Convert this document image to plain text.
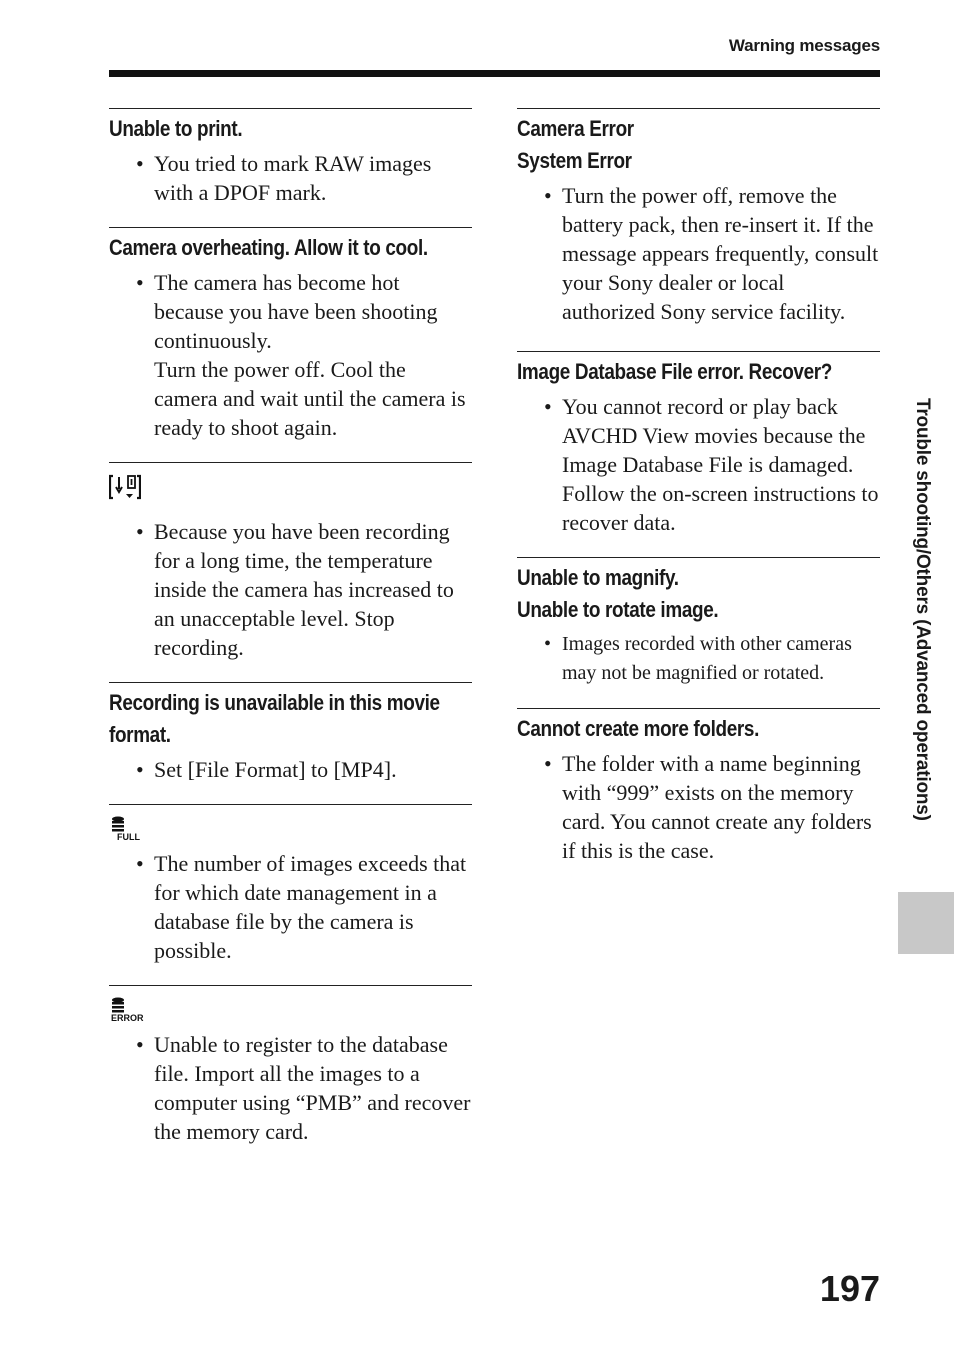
Warning messages
Unable to print.
• You tried to mark RAW images with a DPOF mark.
Camera overheating. Allow it to cool.
• The camera has become hot because you have been shooting continuously.
Turn the power off. Cool the camera and wait until the camera is ready to shoot again.
• Because you have been recording for a long time, the temperature inside the camera has increased to an unacceptable level. Stop recording.
Recording is unavailable in this movie format.
• Set [File Format] to [MP4].
FULL
• The number of images exceeds that for which date management in a database file by the camera is possible.
ERROR
• Unable to register to the database file. Import all the images to a computer using “PMB” and recover the memory card.
Camera Error
System Error
• Turn the power off, remove the battery pack, then re-insert it. If the message appears frequently, consult your Sony dealer or local authorized Sony service facility.
Image Database File error. Recover?
• You cannot record or play back AVCHD View movies because the Image Database File is damaged. Follow the on-screen instructions to recover data.
Unable to magnify.
Unable to rotate image.
• Images recorded with other cameras may not be magnified or rotated.
Cannot create more folders.
• The folder with a name beginning with “999” exists on the memory card. You cannot create any folders if this is the case.
Trouble shooting/Others (Advanced operations)
197
